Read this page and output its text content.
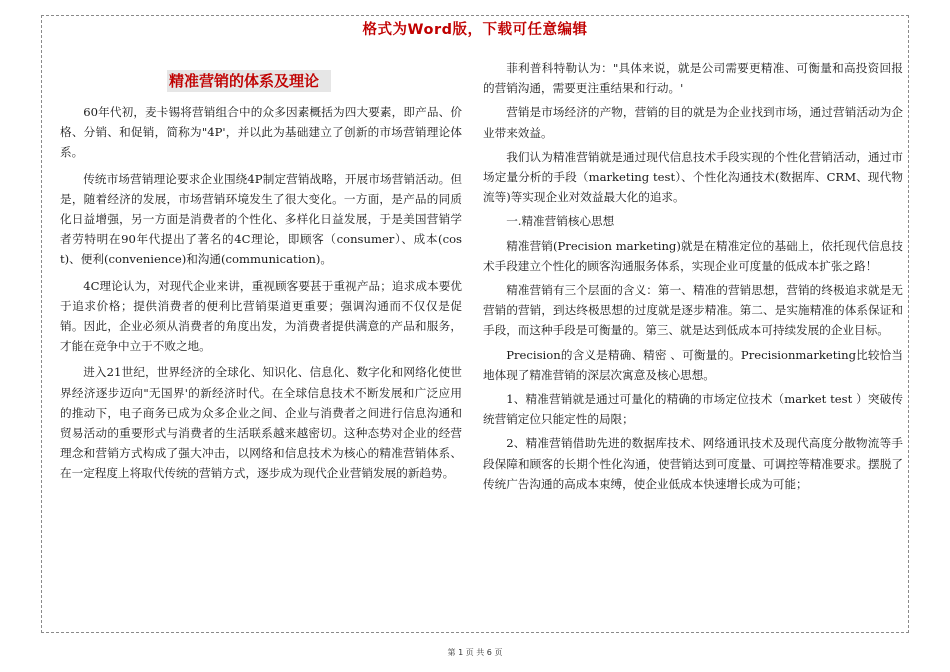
格式为Word版，下载可任意编辑
精准营销的体系及理论

60年代初，麦卡锡将营销组合中的众多因素概括为四大要素，即产品、价格、分销、和促销，简称为"4P'，并以此为基础建立了创新的市场营销理论体系。

传统市场营销理论要求企业围绕4P制定营销战略，开展市场营销活动。但是，随着经济的发展，市场营销环境发生了很大变化。一方面，是产品的同质化日益增强，另一方面是消费者的个性化、多样化日益发展，于是美国营销学者劳特明在90年代提出了著名的4C理论，即顾客（consumer）、成本(cost)、便利(convenience)和沟通(communication)。

4C理论认为，对现代企业来讲，重视顾客要甚于重视产品；追求成本要优于追求价格；提供消费者的便利比营销渠道更重要；强调沟通而不仅仅是促销。因此，企业必须从消费者的角度出发，为消费者提供满意的产品和服务，才能在竞争中立于不败之地。

进入21世纪，世界经济的全球化、知识化、信息化、数字化和网络化使世界经济逐步迈向"无国界'的新经济时代。在全球信息技术不断发展和广泛应用的推动下，电子商务已成为众多企业之间、企业与消费者之间进行信息沟通和贸易活动的重要形式与消费者的生活联系越来越密切。这种态势对企业的经营理念和营销方式构成了强大冲击，以网络和信息技术为核心的精准营销体系、在一定程度上将取代传统的营销方式，逐步成为现代企业营销发展的新趋势。

菲利普科特勒认为："具体来说，就是公司需要更精准、可衡量和高投资回报的营销沟通，需要更注重结果和行动。'

营销是市场经济的产物，营销的目的就是为企业找到市场，通过营销活动为企业带来效益。

我们认为精准营销就是通过现代信息技术手段实现的个性化营销活动，通过市场定量分析的手段（marketing test）、个性化沟通技术(数据库、CRM、现代物流等)等实现企业对效益最大化的追求。

一.精准营销核心思想

精准营销(Precision marketing)就是在精准定位的基础上，依托现代信息技术手段建立个性化的顾客沟通服务体系，实现企业可度量的低成本扩张之路！

精准营销有三个层面的含义：第一、精准的营销思想，营销的终极追求就是无营销的营销，到达终极思想的过度就是逐步精准。第二、是实施精准的体系保证和手段，而这种手段是可衡量的。第三、就是达到低成本可持续发展的企业目标。

Precision的含义是精确、精密 、可衡量的。Precisionmarketing比较恰当地体现了精准营销的深层次寓意及核心思想。

1、精准营销就是通过可量化的精确的市场定位技术（market test ）突破传统营销定位只能定性的局限；

2、精准营销借助先进的数据库技术、网络通讯技术及现代高度分散物流等手段保障和顾客的长期个性化沟通，使营销达到可度量、可调控等精准要求。摆脱了传统广告沟通的高成本束缚，使企业低成本快速增长成为可能；

第 1 页 共 6 页
